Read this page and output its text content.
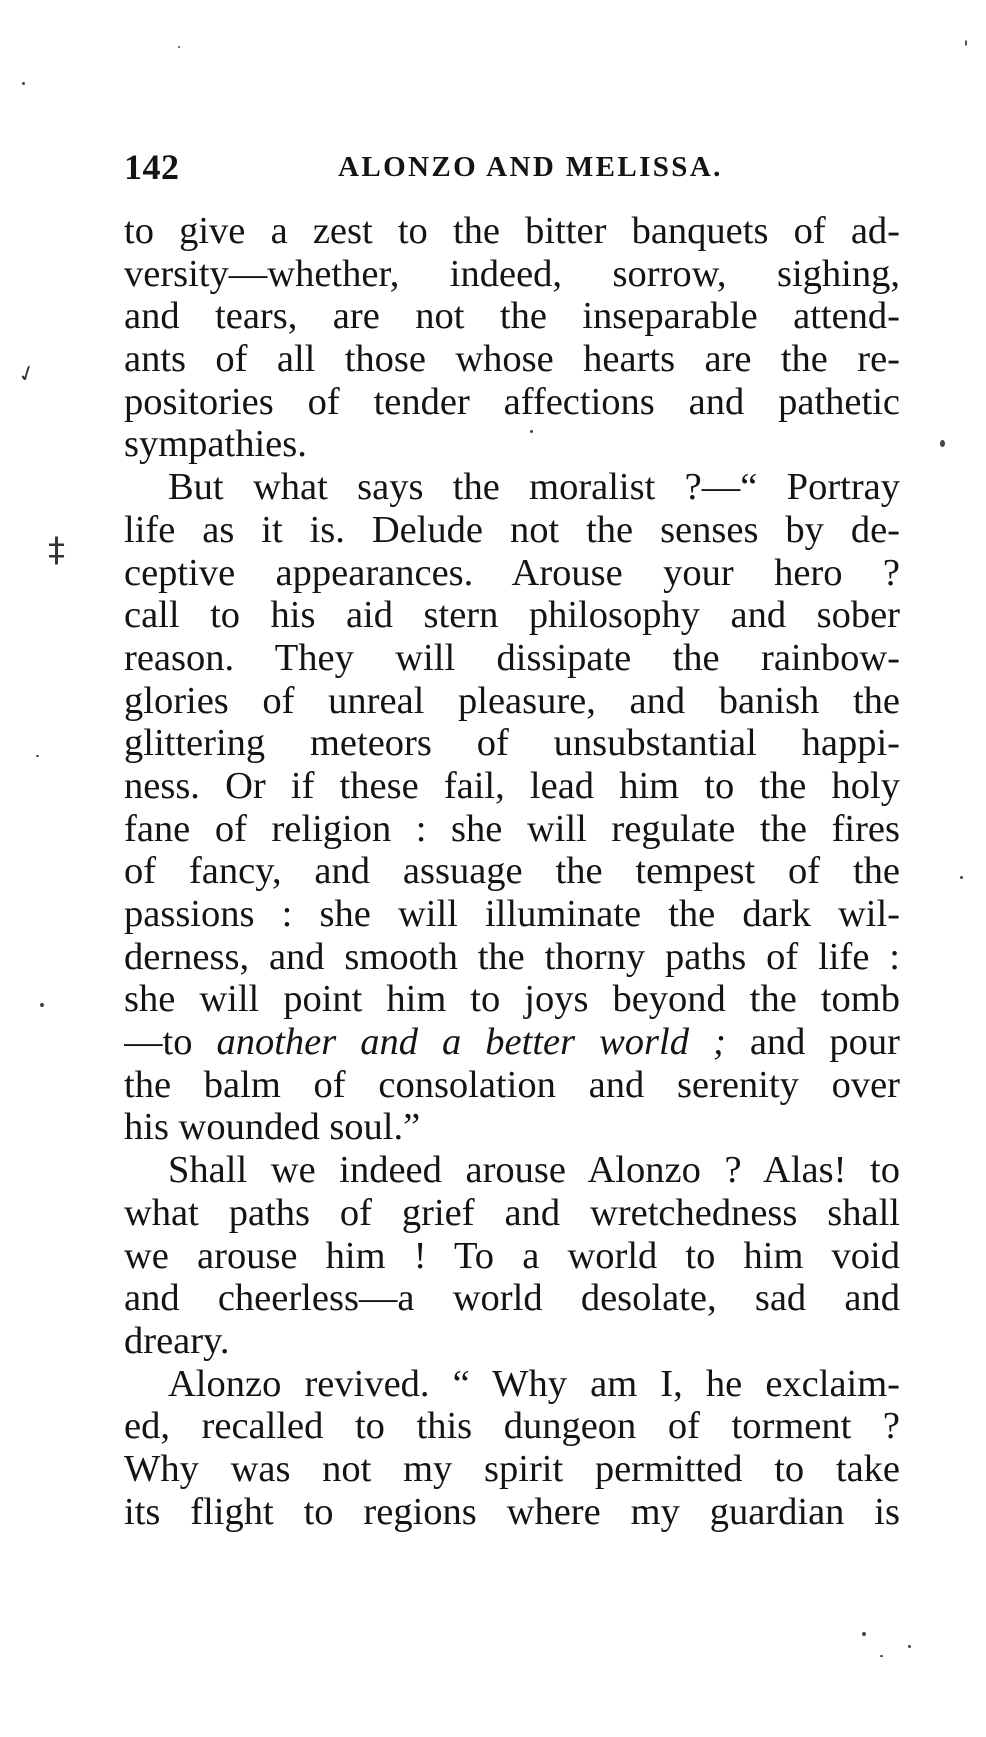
142	ALONZO AND MELISSA.
to give a zest to the bitter banquets of ad-
versity—whether, indeed, sorrow, sighing,
and tears, are not the inseparable attend-
ants of all those whose hearts are the re-
positories of tender affections and pathetic
sympathies.
But what says the moralist ?—“ Portray
life as it is. Delude not the senses by de-
ceptive appearances. Arouse your hero ?
call to his aid stern philosophy and sober
reason. They will dissipate the rainbow-
glories of unreal pleasure, and banish the
glittering meteors of unsubstantial happi-
ness. Or if these fail, lead him to the holy
fane of religion : she will regulate the fires
of fancy, and assuage the tempest of the
passions : she will illuminate the dark wil-
derness, and smooth the thorny paths of life :
she will point him to joys beyond the tomb
—to another and a better world ; and pour
the balm of consolation and serenity over
his wounded soul.”
Shall we indeed arouse Alonzo ? Alas! to
what paths of grief and wretchedness shall
we arouse him ! To a world to him void
and cheerless—a world desolate, sad and
dreary.
Alonzo revived. “ Why am I, he exclaim-
ed, recalled to this dungeon of torment ?
Why was not my spirit permitted to take
its flight to regions where my guardian is
✓
‡
